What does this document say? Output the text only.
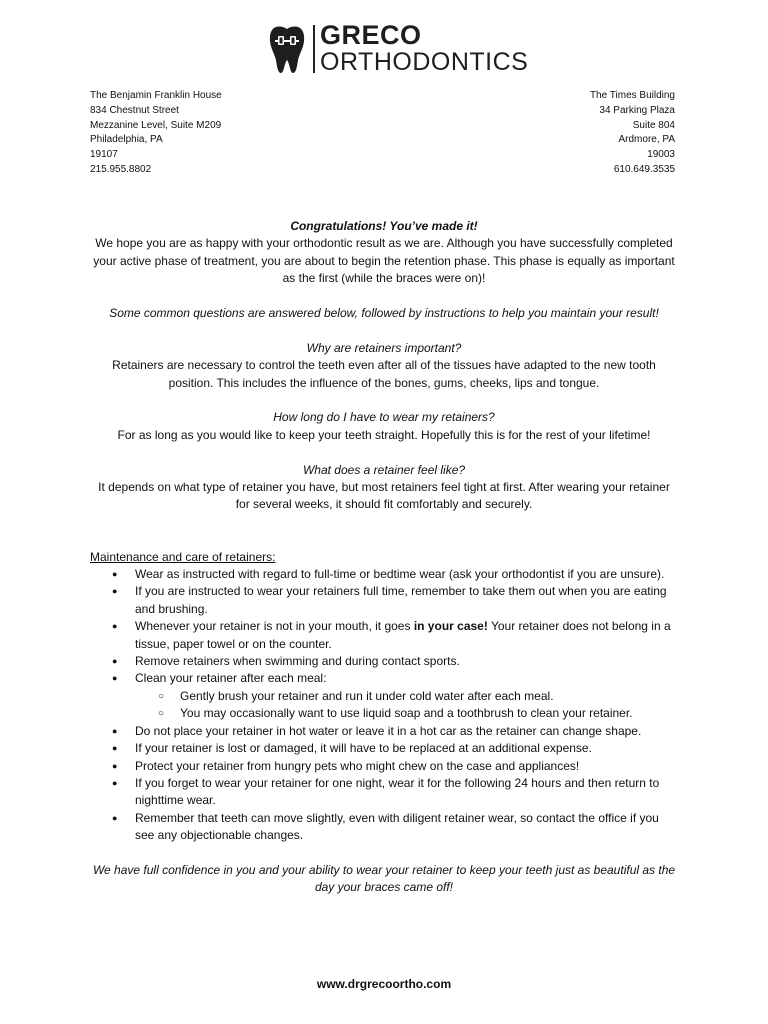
GRECO
ORTHODONTICS
The Benjamin Franklin House
834 Chestnut Street
Mezzanine Level, Suite M209
Philadelphia, PA
19107
215.955.8802
The Times Building
34 Parking Plaza
Suite 804
Ardmore, PA
19003
610.649.3535

Congratulations! You’ve made it!

We hope you are as happy with your orthodontic result as we are. Although you have successfully completed your active phase of treatment, you are about to begin the retention phase. This phase is equally as important as the first (while the braces were on)!

Some common questions are answered below, followed by instructions to help you maintain your result!

Why are retainers important?

Retainers are necessary to control the teeth even after all of the tissues have adapted to the new tooth position. This includes the influence of the bones, gums, cheeks, lips and tongue.

How long do I have to wear my retainers?

For as long as you would like to keep your teeth straight. Hopefully this is for the rest of your lifetime!

What does a retainer feel like?

It depends on what type of retainer you have, but most retainers feel tight at first. After wearing your retainer for several weeks, it should fit comfortably and securely.

Maintenance and care of retainers:

● Wear as instructed with regard to full-time or bedtime wear (ask your orthodontist if you are unsure).
● If you are instructed to wear your retainers full time, remember to take them out when you are eating and brushing.
● Whenever your retainer is not in your mouth, it goes in your case! Your retainer does not belong in a tissue, paper towel or on the counter.
● Remove retainers when swimming and during contact sports.
● Clean your retainer after each meal:
○ Gently brush your retainer and run it under cold water after each meal.
○ You may occasionally want to use liquid soap and a toothbrush to clean your retainer.
● Do not place your retainer in hot water or leave it in a hot car as the retainer can change shape.
● If your retainer is lost or damaged, it will have to be replaced at an additional expense.
● Protect your retainer from hungry pets who might chew on the case and appliances!
● If you forget to wear your retainer for one night, wear it for the following 24 hours and then return to nighttime wear.
● Remember that teeth can move slightly, even with diligent retainer wear, so contact the office if you see any objectionable changes.

We have full confidence in you and your ability to wear your retainer to keep your teeth just as beautiful as the day your braces came off!

www.drgrecoortho.com
